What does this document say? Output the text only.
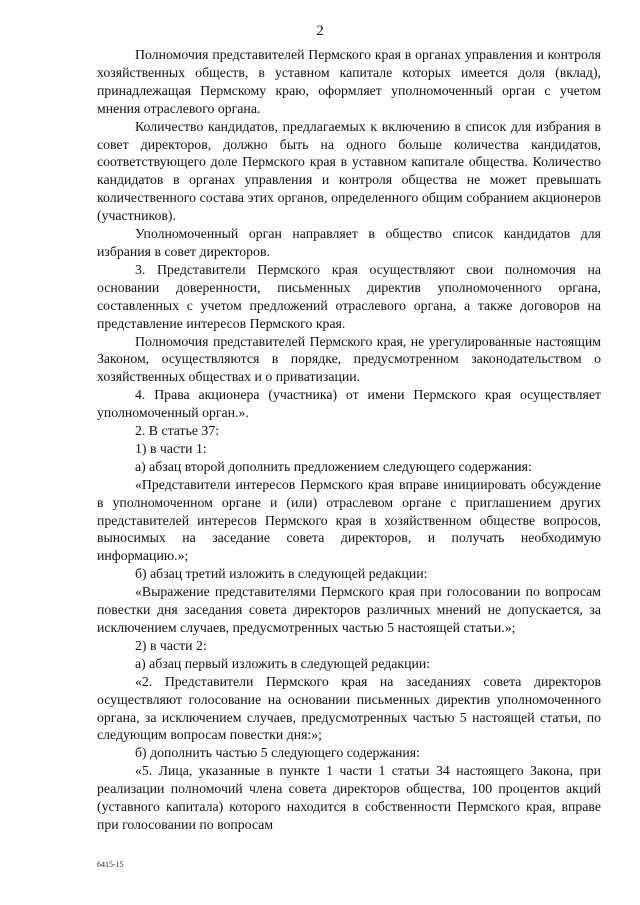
2

Полномочия представителей Пермского края в органах управления и контроля хозяйственных обществ, в уставном капитале которых имеется доля (вклад), принадлежащая Пермскому краю, оформляет уполномоченный орган с учетом мнения отраслевого органа.

Количество кандидатов, предлагаемых к включению в список для избрания в совет директоров, должно быть на одного больше количества кандидатов, соответствующего доле Пермского края в уставном капитале общества. Количество кандидатов в органах управления и контроля общества не может превышать количественного состава этих органов, определенного общим собранием акционеров (участников).

Уполномоченный орган направляет в общество список кандидатов для избрания в совет директоров.

3. Представители Пермского края осуществляют свои полномочия на основании доверенности, письменных директив уполномоченного органа, составленных с учетом предложений отраслевого органа, а также договоров на представление интересов Пермского края.

Полномочия представителей Пермского края, не урегулированные настоящим Законом, осуществляются в порядке, предусмотренном законодательством о хозяйственных обществах и о приватизации.

4. Права акционера (участника) от имени Пермского края осуществляет уполномоченный орган.».

2. В статье 37:

1) в части 1:

а) абзац второй дополнить предложением следующего содержания:

«Представители интересов Пермского края вправе инициировать обсуждение в уполномоченном органе и (или) отраслевом органе с приглашением других представителей интересов Пермского края в хозяйственном обществе вопросов, выносимых на заседание совета директоров, и получать необходимую информацию.»;

б) абзац третий изложить в следующей редакции:

«Выражение представителями Пермского края при голосовании по вопросам повестки дня заседания совета директоров различных мнений не допускается, за исключением случаев, предусмотренных частью 5 настоящей статьи.»;

2) в части 2:

а) абзац первый изложить в следующей редакции:

«2. Представители Пермского края на заседаниях совета директоров осуществляют голосование на основании письменных директив уполномоченного органа, за исключением случаев, предусмотренных частью 5 настоящей статьи, по следующим вопросам повестки дня:»;

б) дополнить частью 5 следующего содержания:

«5. Лица, указанные в пункте 1 части 1 статьи 34 настоящего Закона, при реализации полномочий члена совета директоров общества, 100 процентов акций (уставного капитала) которого находится в собственности Пермского края, вправе при голосовании по вопросам

6415-15
